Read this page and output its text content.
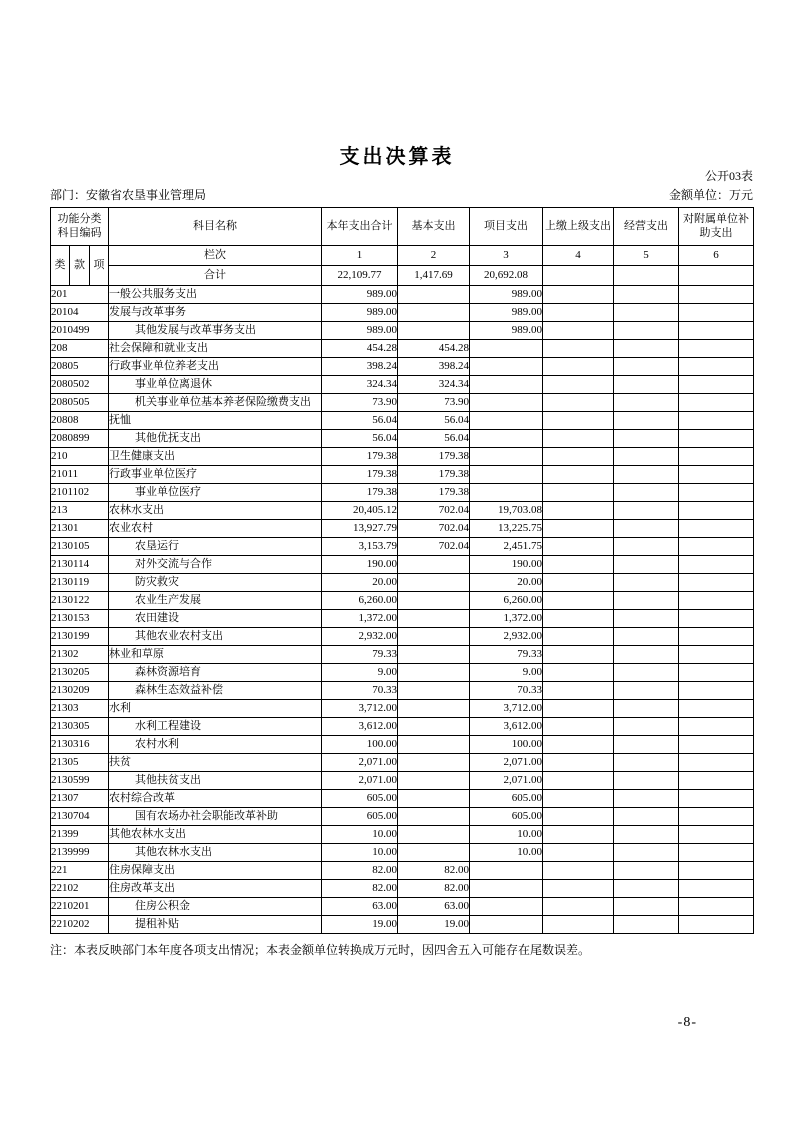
支出决算表
公开03表
部门：安徽省农垦事业管理局	金额单位：万元
功能分类
科目编码			科目名称	本年支出合计	基本支出	项目支出	上缴上级支出	经营支出	对附属单位补助支出
类	款	项	栏次	1	2	3	4	5	6
			合计	22,109.77	1,417.69	20,692.08			
201			一般公共服务支出	989.00		989.00			
20104			发展与改革事务	989.00		989.00			
2010499			其他发展与改革事务支出	989.00		989.00			
208			社会保障和就业支出	454.28	454.28				
20805			行政事业单位养老支出	398.24	398.24				
2080502			事业单位离退休	324.34	324.34				
2080505			机关事业单位基本养老保险缴费支出	73.90	73.90				
20808			抚恤	56.04	56.04				
2080899			其他优抚支出	56.04	56.04				
210			卫生健康支出	179.38	179.38				
21011			行政事业单位医疗	179.38	179.38				
2101102			事业单位医疗	179.38	179.38				
213			农林水支出	20,405.12	702.04	19,703.08			
21301			农业农村	13,927.79	702.04	13,225.75			
2130105			农垦运行	3,153.79	702.04	2,451.75			
2130114			对外交流与合作	190.00		190.00			
2130119			防灾救灾	20.00		20.00			
2130122			农业生产发展	6,260.00		6,260.00			
2130153			农田建设	1,372.00		1,372.00			
2130199			其他农业农村支出	2,932.00		2,932.00			
21302			林业和草原	79.33		79.33			
2130205			森林资源培育	9.00		9.00			
2130209			森林生态效益补偿	70.33		70.33			
21303			水利	3,712.00		3,712.00			
2130305			水利工程建设	3,612.00		3,612.00			
2130316			农村水利	100.00		100.00			
21305			扶贫	2,071.00		2,071.00			
2130599			其他扶贫支出	2,071.00		2,071.00			
21307			农村综合改革	605.00		605.00			
2130704			国有农场办社会职能改革补助	605.00		605.00			
21399			其他农林水支出	10.00		10.00			
2139999			其他农林水支出	10.00		10.00			
221			住房保障支出	82.00	82.00				
22102			住房改革支出	82.00	82.00				
2210201			住房公积金	63.00	63.00				
2210202			提租补贴	19.00	19.00				
注：本表反映部门本年度各项支出情况；本表金额单位转换成万元时，因四舍五入可能存在尾数误差。
-8-
